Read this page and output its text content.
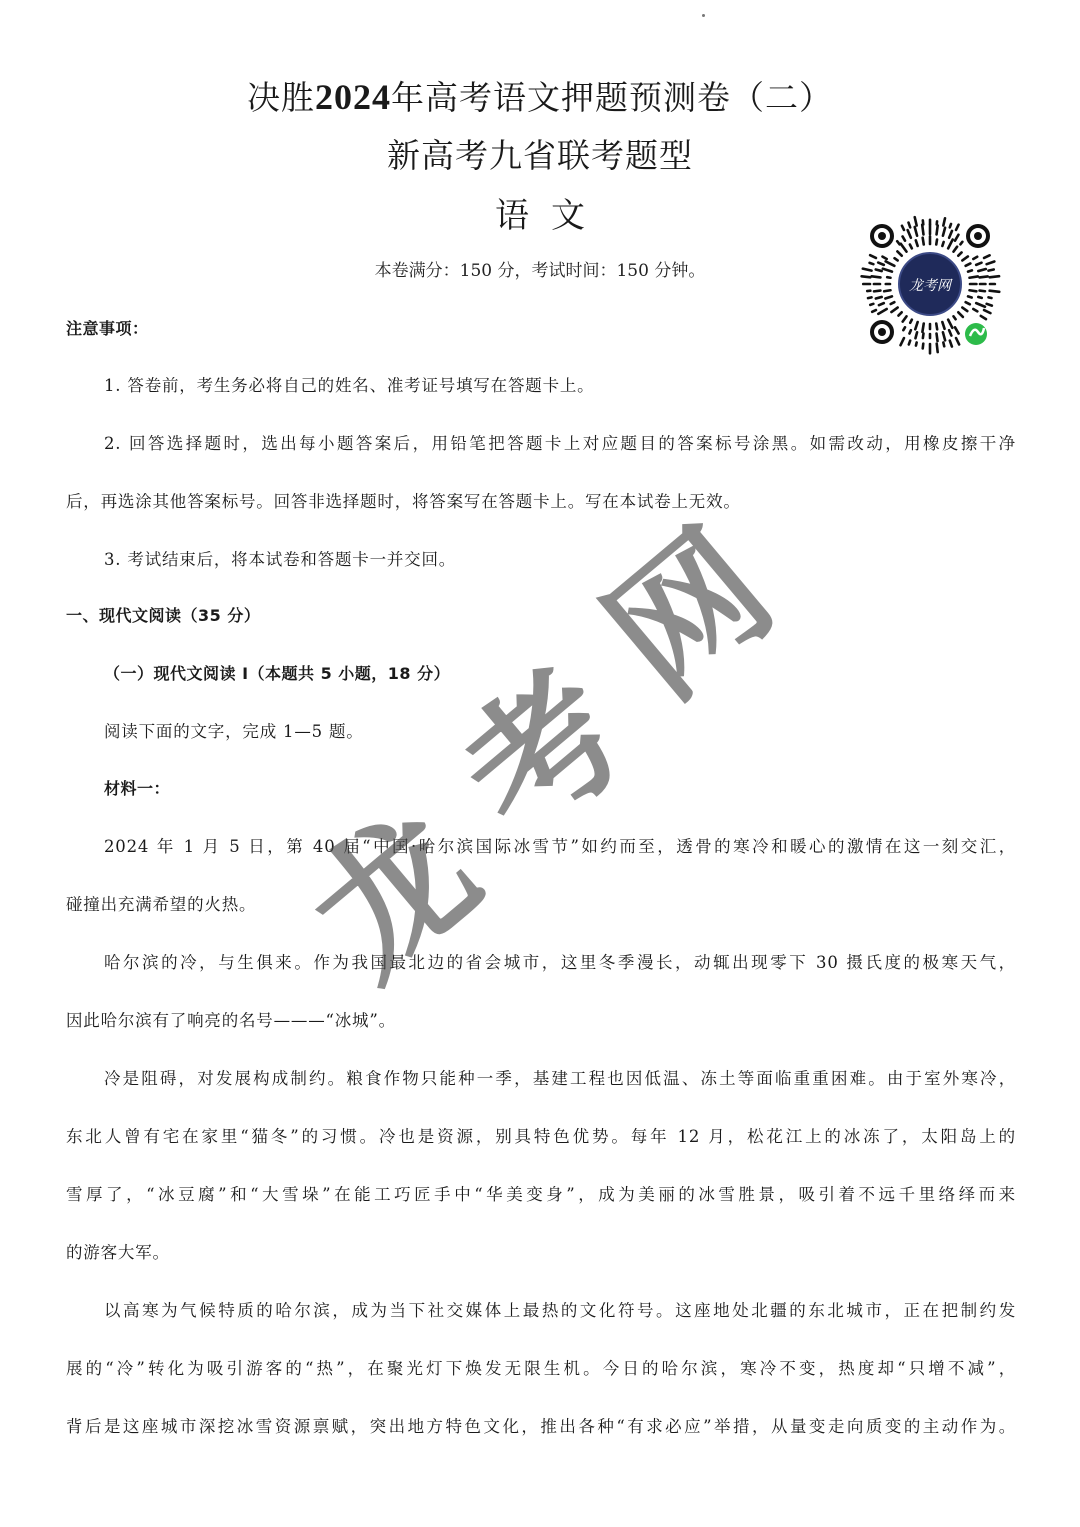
决胜2024年高考语文押题预测卷（二）
新高考九省联考题型
语文
本卷满分：150 分，考试时间：150 分钟。
龙考网
注意事项：
1. 答卷前，考生务必将自己的姓名、准考证号填写在答题卡上。
2. 回答选择题时，选出每小题答案后，用铅笔把答题卡上对应题目的答案标号涂黑。如需改动，用橡皮擦干净
后，再选涂其他答案标号。回答非选择题时，将答案写在答题卡上。写在本试卷上无效。
3. 考试结束后，将本试卷和答题卡一并交回。
一、现代文阅读（35 分）
（一）现代文阅读 I（本题共 5 小题，18 分）
阅读下面的文字，完成 1—5 题。
材料一：
2024 年 1 月 5 日，第 40 届“中国·哈尔滨国际冰雪节”如约而至，透骨的寒冷和暖心的激情在这一刻交汇，
碰撞出充满希望的火热。
哈尔滨的冷，与生俱来。作为我国最北边的省会城市，这里冬季漫长，动辄出现零下 30 摄氏度的极寒天气，
因此哈尔滨有了响亮的名号———“冰城”。
冷是阻碍，对发展构成制约。粮食作物只能种一季，基建工程也因低温、冻土等面临重重困难。由于室外寒冷，
东北人曾有宅在家里“猫冬”的习惯。冷也是资源，别具特色优势。每年 12 月，松花江上的冰冻了，太阳岛上的
雪厚了，“冰豆腐”和“大雪垛”在能工巧匠手中“华美变身”，成为美丽的冰雪胜景，吸引着不远千里络绎而来
的游客大军。
以高寒为气候特质的哈尔滨，成为当下社交媒体上最热的文化符号。这座地处北疆的东北城市，正在把制约发
展的“冷”转化为吸引游客的“热”，在聚光灯下焕发无限生机。今日的哈尔滨，寒冷不变，热度却“只增不减”，
背后是这座城市深挖冰雪资源禀赋，突出地方特色文化，推出各种“有求必应”举措，从量变走向质变的主动作为。
龙
考
网
